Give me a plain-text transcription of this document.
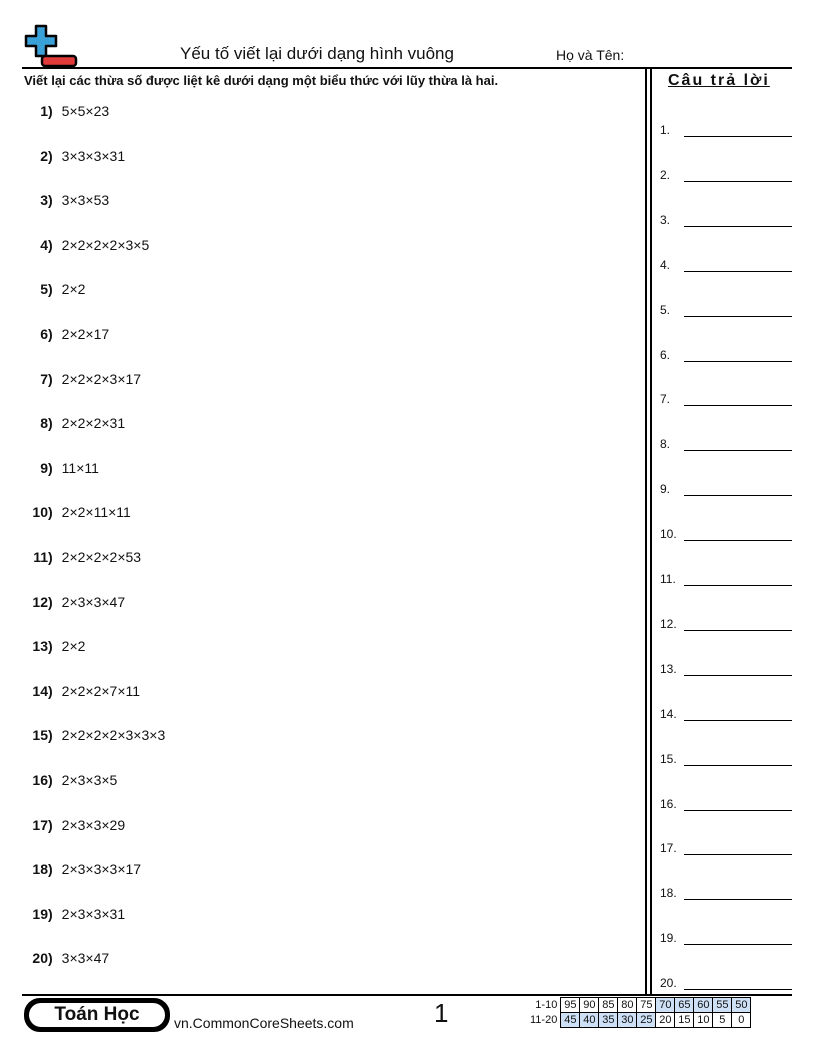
Yếu tố viết lại dưới dạng hình vuông	Họ và Tên:
Viết lại các thừa số được liệt kê dưới dạng một biểu thức với lũy thừa là hai.
1) 5×5×23
2) 3×3×3×31
3) 3×3×53
4) 2×2×2×2×3×5
5) 2×2
6) 2×2×17
7) 2×2×2×3×17
8) 2×2×2×31
9) 11×11
10) 2×2×11×11
11) 2×2×2×2×53
12) 2×3×3×47
13) 2×2
14) 2×2×2×7×11
15) 2×2×2×2×3×3×3
16) 2×3×3×5
17) 2×3×3×29
18) 2×3×3×3×17
19) 2×3×3×31
20) 3×3×47
Câu trả lời
1.
2.
3.
4.
5.
6.
7.
8.
9.
10.
11.
12.
13.
14.
15.
16.
17.
18.
19.
20.
Toán Học	vn.CommonCoreSheets.com	1	1-10	95	90	85	80	75	70	65	60	55	50
11-20	45	40	35	30	25	20	15	10	5	0
